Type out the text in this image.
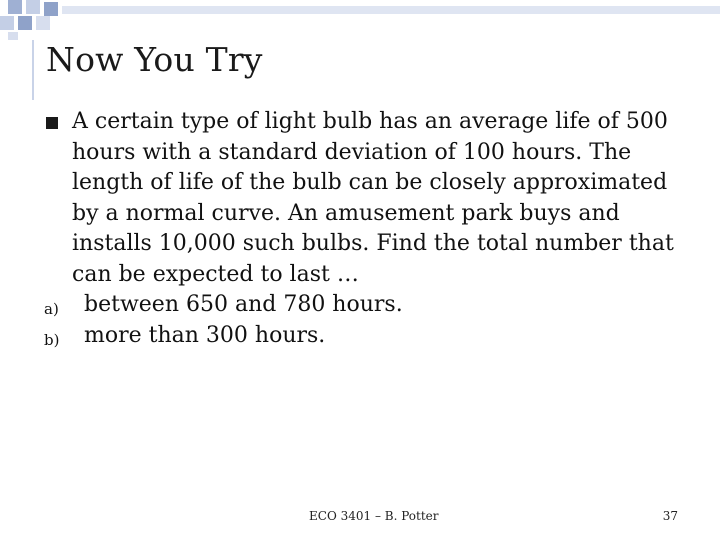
Now You Try
A certain type of light bulb has an average life of 500 hours with a standard deviation of 100 hours. The length of life of the bulb can be closely approximated by a normal curve. An amusement park buys and installs 10,000 such bulbs. Find the total number that can be expected to last …
a) between 650 and 780 hours.
b) more than 300 hours.
ECO 3401 – B. Potter	37
